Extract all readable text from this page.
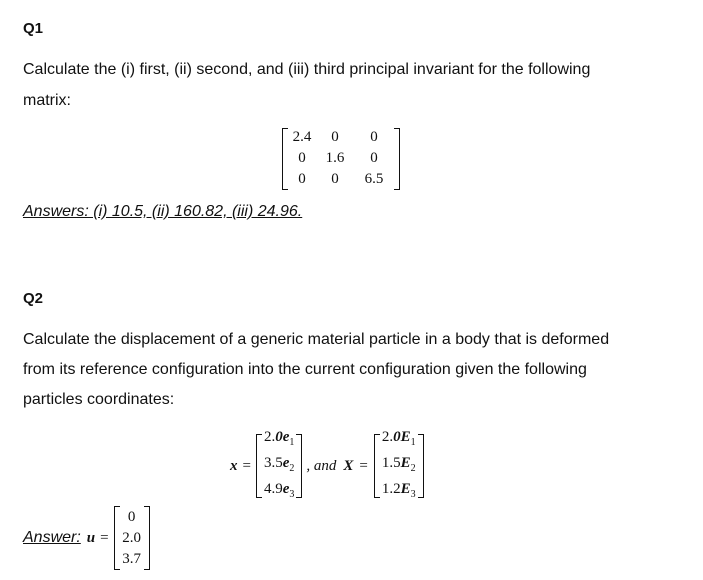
Q1
Calculate the (i) first, (ii) second, and (iii) third principal invariant for the following
matrix:
2.4	0	0
0	1.6	0
0	0	6.5
Answers: (i) 10.5, (ii) 160.82, (iii) 24.96.
Q2
Calculate the displacement of a generic material particle in a body that is deformed
from its reference configuration into the current configuration given the following
particles coordinates:
x =
$2.0e_1$
$3.5e_2$
$4.9e_3$
, and X =
$2.0E_1$
$1.5E_2$
$1.2E_3$
Answer: u =
0
2.0
3.7
